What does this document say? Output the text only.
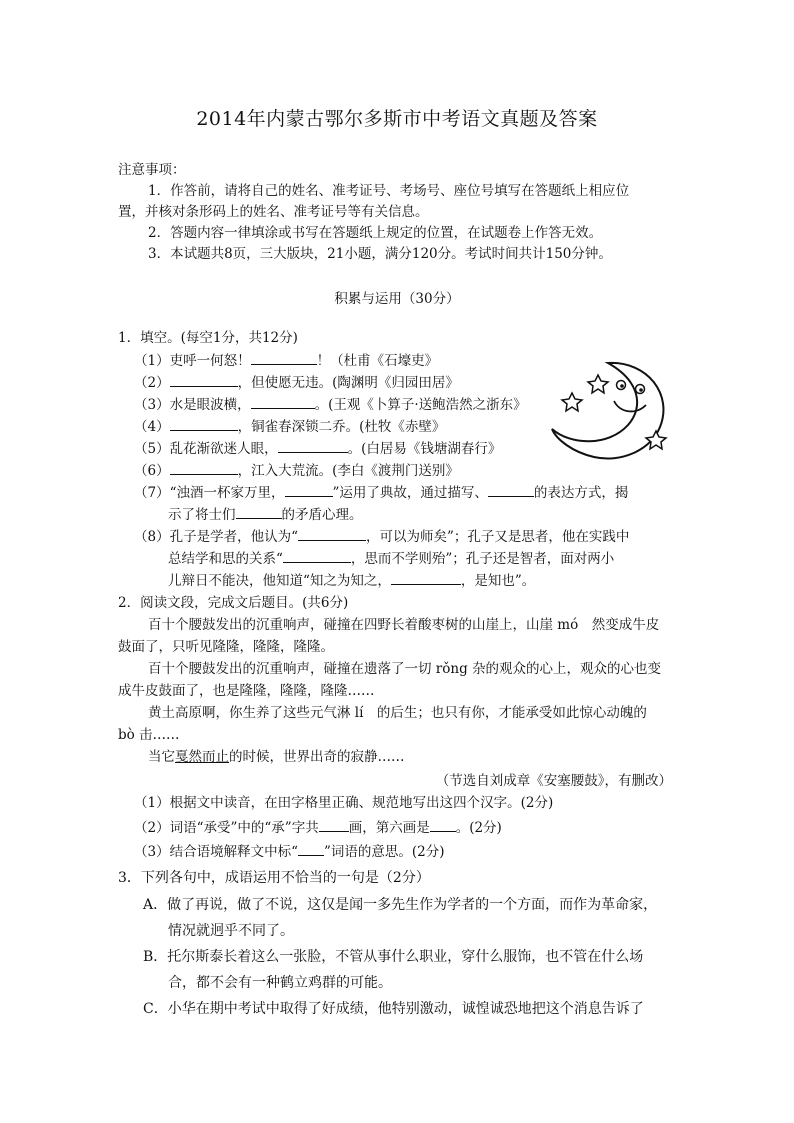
2014年内蒙古鄂尔多斯市中考语文真题及答案
注意事项：
1．作答前，请将自己的姓名、准考证号、考场号、座位号填写在答题纸上相应位
置，并核对条形码上的姓名、准考证号等有关信息。
2．答题内容一律填涂或书写在答题纸上规定的位置，在试题卷上作答无效。
3．本试题共8页，三大版块，21小题，满分120分。考试时间共计150分钟。
积累与运用（30分）
1．填空。(每空1分，共12分)
（1）吏呼一何怒！	！（杜甫《石壕吏》
（2）	，但使愿无违。(陶渊明《归园田居》
（3）水是眼波横，	。(王观《卜算子·送鲍浩然之浙东》
（4）	，铜雀春深锁二乔。(杜牧《赤壁》
（5）乱花渐欲迷人眼，	。(白居易《钱塘湖春行》
（6）	，江入大荒流。(李白《渡荆门送别》
（7）“浊酒一杯家万里，	”运用了典故，通过描写、	的表达方式，揭
示了将士们	的矛盾心理。
（8）孔子是学者，他认为“	，可以为师矣”；孔子又是思者，他在实践中
总结学和思的关系“	，思而不学则殆”；孔子还是智者，面对两小
儿辩日不能决，他知道“知之为知之，	，是知也”。
2．阅读文段，完成文后题目。(共6分)
百十个腰鼓发出的沉重响声，碰撞在四野长着酸枣树的山崖上，山崖 mó　然变成牛皮
鼓面了，只听见隆隆，隆隆，隆隆。
百十个腰鼓发出的沉重响声，碰撞在遗落了一切 rǒng 杂的观众的心上，观众的心也变
成牛皮鼓面了，也是隆隆，隆隆，隆隆……
黄土高原啊，你生养了这些元气淋 lí　的后生；也只有你，才能承受如此惊心动魄的
bò 击……
当它戛然而止的时候，世界出奇的寂静……
（节选自刘成章《安塞腰鼓》，有删改）
（1）根据文中读音，在田字格里正确、规范地写出这四个汉字。(2分)
（2）词语“承受”中的“承”字共 画，第六画是 。(2分)
（3）结合语境解释文中标“ ”词语的意思。(2分)
3．下列各句中，成语运用不恰当的一句是（2分）
A．做了再说，做了不说，这仅是闻一多先生作为学者的一个方面，而作为革命家，
情况就迥乎不同了。
B．托尔斯泰长着这么一张脸，不管从事什么职业，穿什么服饰，也不管在什么场
合，都不会有一种鹤立鸡群的可能。
C．小华在期中考试中取得了好成绩，他特别激动，诚惶诚恐地把这个消息告诉了
